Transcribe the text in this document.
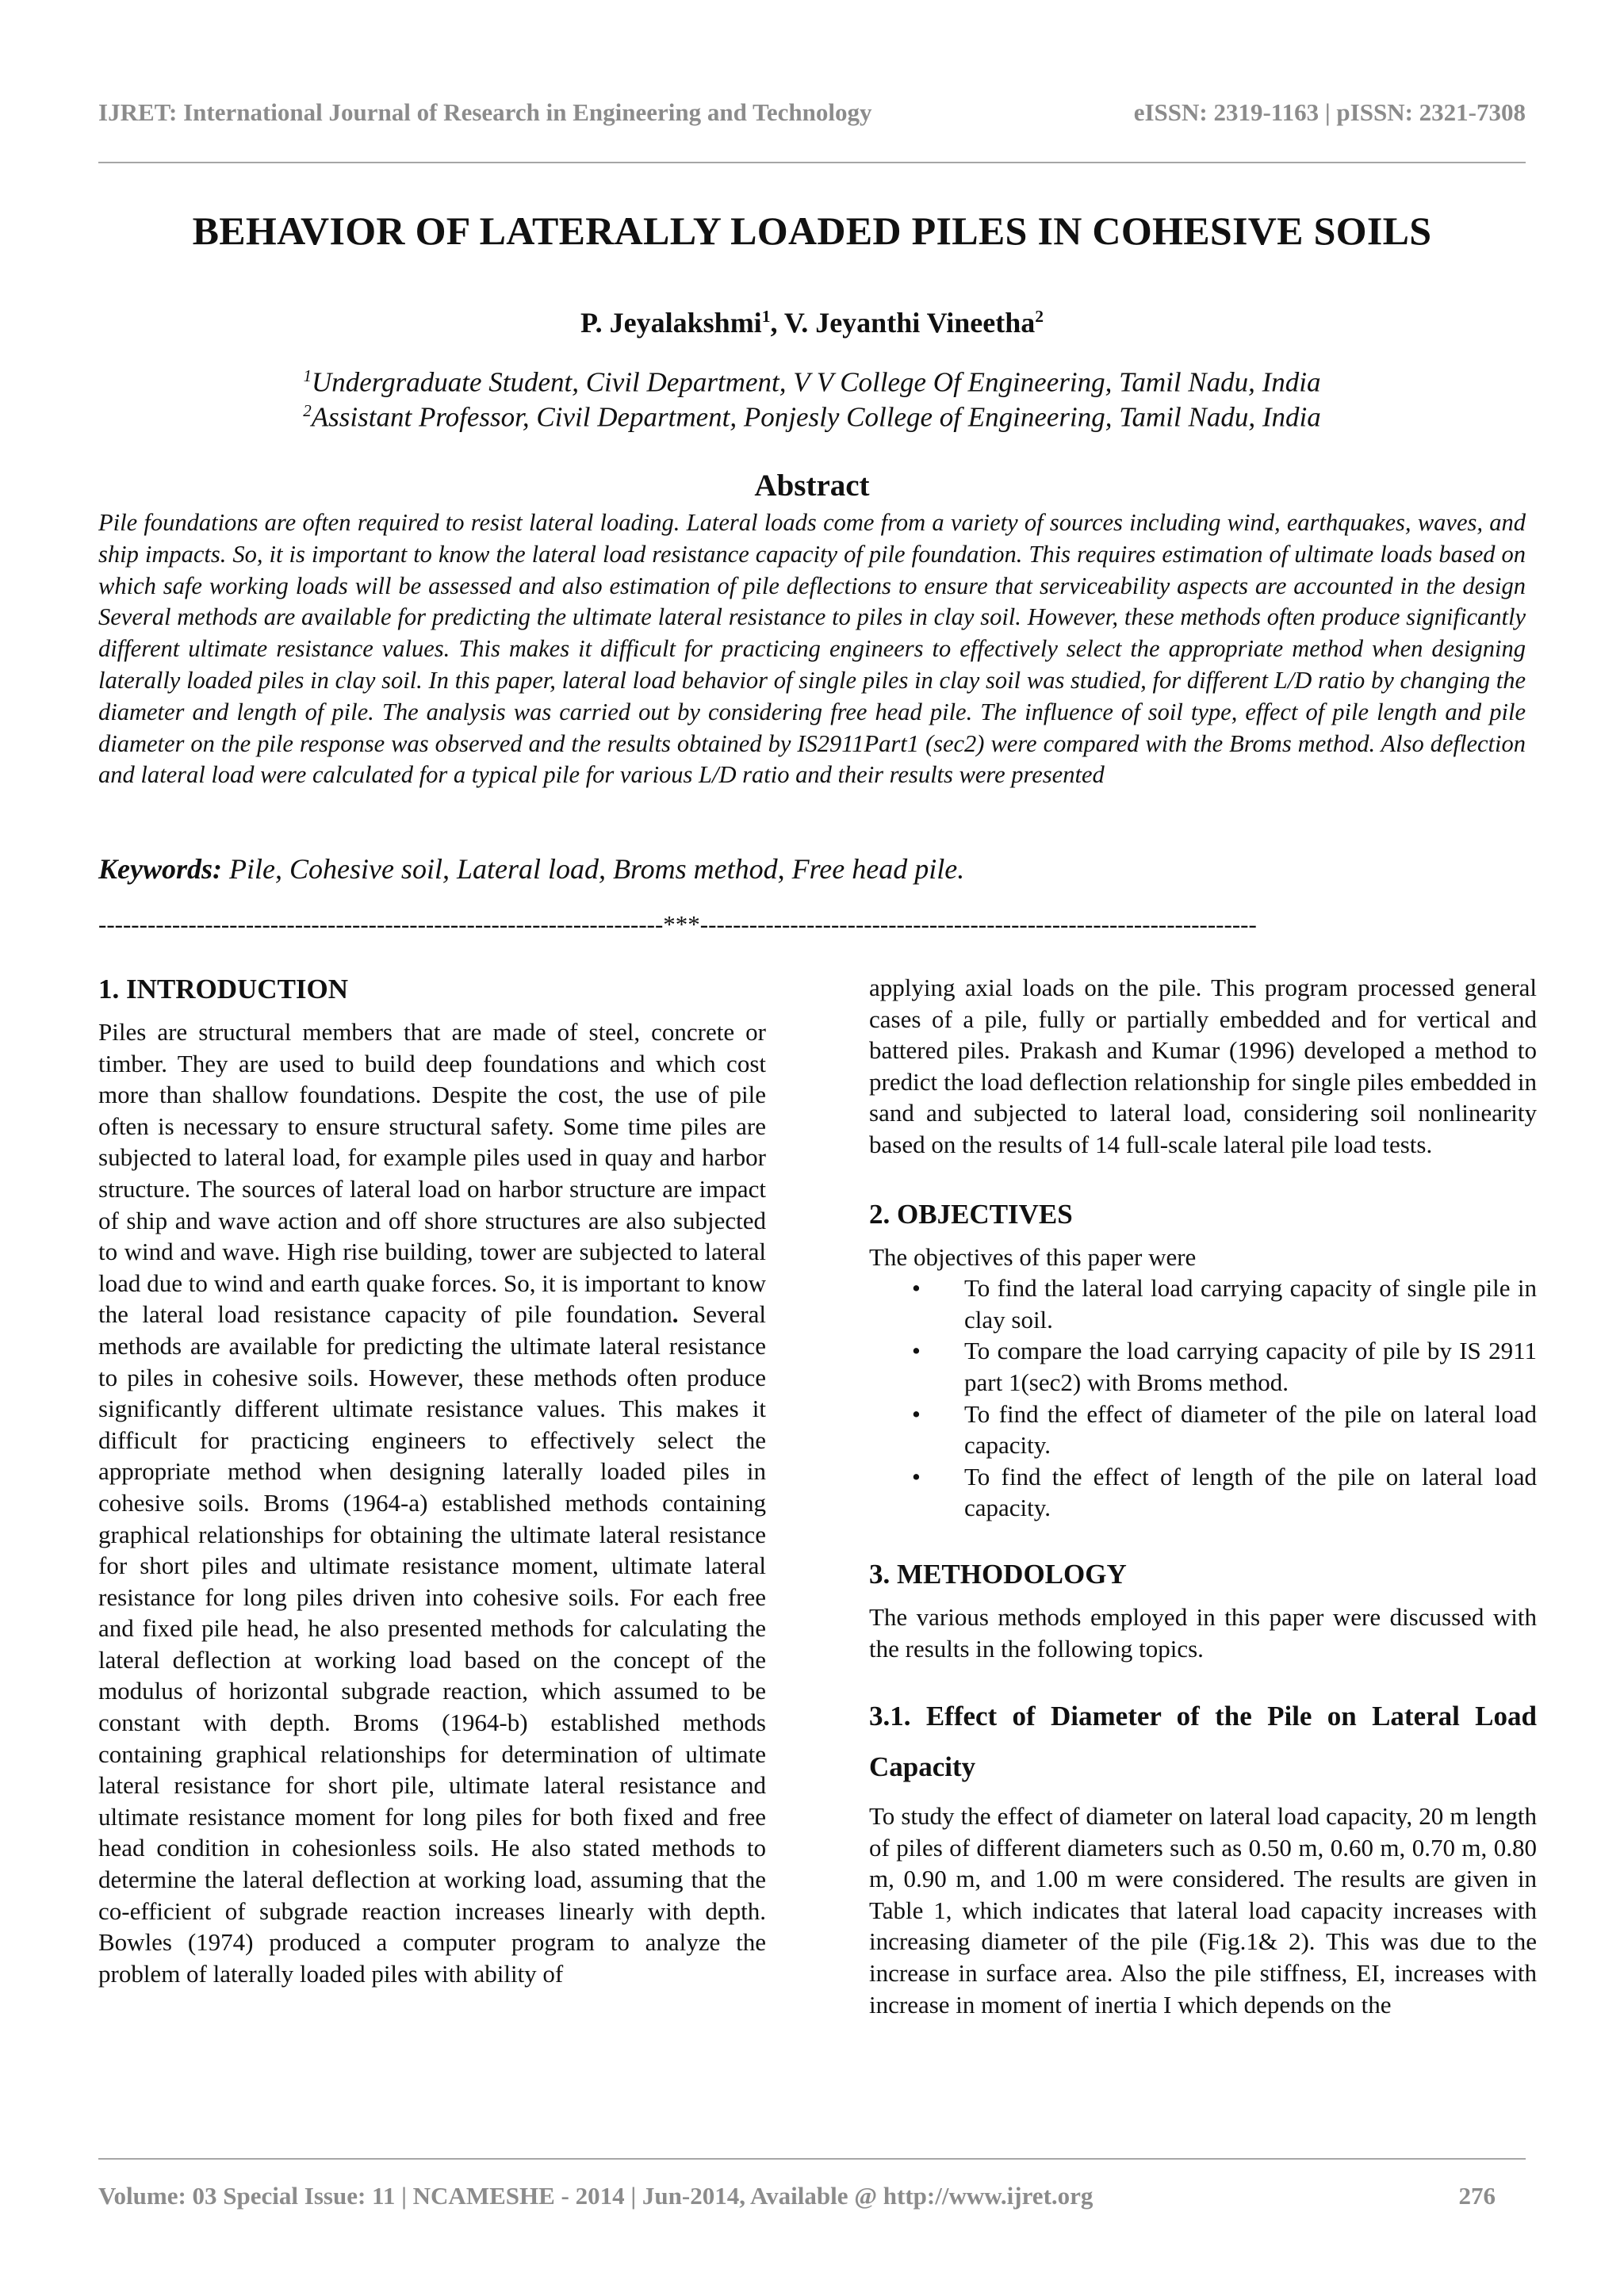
IJRET: International Journal of Research in Engineering and Technology	eISSN: 2319-1163 | pISSN: 2321-7308
BEHAVIOR OF LATERALLY LOADED PILES IN COHESIVE SOILS
P. Jeyalakshmi$^1$, V. Jeyanthi Vineetha$^2$
$^1$Undergraduate Student, Civil Department, V V College Of Engineering, Tamil Nadu, India
$^2$Assistant Professor, Civil Department, Ponjesly College of Engineering, Tamil Nadu, India
Abstract
Pile foundations are often required to resist lateral loading. Lateral loads come from a variety of sources including wind, earthquakes, waves, and ship impacts. So, it is important to know the lateral load resistance capacity of pile foundation. This requires estimation of ultimate loads based on which safe working loads will be assessed and also estimation of pile deflections to ensure that serviceability aspects are accounted in the design Several methods are available for predicting the ultimate lateral resistance to piles in clay soil. However, these methods often produce significantly different ultimate resistance values. This makes it difficult for practicing engineers to effectively select the appropriate method when designing laterally loaded piles in clay soil. In this paper, lateral load behavior of single piles in clay soil was studied, for different L/D ratio by changing the diameter and length of pile. The analysis was carried out by considering free head pile. The influence of soil type, effect of pile length and pile diameter on the pile response was observed and the results obtained by IS2911Part1 (sec2) were compared with the Broms method. Also deflection and lateral load were calculated for a typical pile for various L/D ratio and their results were presented
Keywords: Pile, Cohesive soil, Lateral load, Broms method, Free head pile.
---------------------------------------------------------------------***--------------------------------------------------------------------
1. INTRODUCTION

Piles are structural members that are made of steel, concrete or timber. They are used to build deep foundations and which cost more than shallow foundations. Despite the cost, the use of pile often is necessary to ensure structural safety. Some time piles are subjected to lateral load, for example piles used in quay and harbor structure. The sources of lateral load on harbor structure are impact of ship and wave action and off shore structures are also subjected to wind and wave. High rise building, tower are subjected to lateral load due to wind and earth quake forces. So, it is important to know the lateral load resistance capacity of pile foundation. Several methods are available for predicting the ultimate lateral resistance to piles in cohesive soils. However, these methods often produce significantly different ultimate resistance values. This makes it difficult for practicing engineers to effectively select the appropriate method when designing laterally loaded piles in cohesive soils. Broms (1964-a) established methods containing graphical relationships for obtaining the ultimate lateral resistance for short piles and ultimate resistance moment, ultimate lateral resistance for long piles driven into cohesive soils. For each free and fixed pile head, he also presented methods for calculating the lateral deflection at working load based on the concept of the modulus of horizontal subgrade reaction, which assumed to be constant with depth. Broms (1964-b) established methods containing graphical relationships for determination of ultimate lateral resistance for short pile, ultimate lateral resistance and ultimate resistance moment for long piles for both fixed and free head condition in cohesionless soils. He also stated methods to determine the lateral deflection at working load, assuming that the co-efficient of subgrade reaction increases linearly with depth. Bowles (1974) produced a computer program to analyze the problem of laterally loaded piles with ability of

applying axial loads on the pile. This program processed general cases of a pile, fully or partially embedded and for vertical and battered piles. Prakash and Kumar (1996) developed a method to predict the load deflection relationship for single piles embedded in sand and subjected to lateral load, considering soil nonlinearity based on the results of 14 full-scale lateral pile load tests.

2. OBJECTIVES

The objectives of this paper were

• To find the lateral load carrying capacity of single pile in clay soil.
• To compare the load carrying capacity of pile by IS 2911 part 1(sec2) with Broms method.
• To find the effect of diameter of the pile on lateral load capacity.
• To find the effect of length of the pile on lateral load capacity.
3. METHODOLOGY

The various methods employed in this paper were discussed with the results in the following topics.

3.1. Effect of Diameter of the Pile on Lateral Load Capacity

To study the effect of diameter on lateral load capacity, 20 m length of piles of different diameters such as 0.50 m, 0.60 m, 0.70 m, 0.80 m, 0.90 m, and 1.00 m were considered. The results are given in Table 1, which indicates that lateral load capacity increases with increasing diameter of the pile (Fig.1& 2). This was due to the increase in surface area. Also the pile stiffness, EI, increases with increase in moment of inertia I which depends on the

Volume: 03 Special Issue: 11 | NCAMESHE - 2014 | Jun-2014, Available @ http://www.ijret.org	276
